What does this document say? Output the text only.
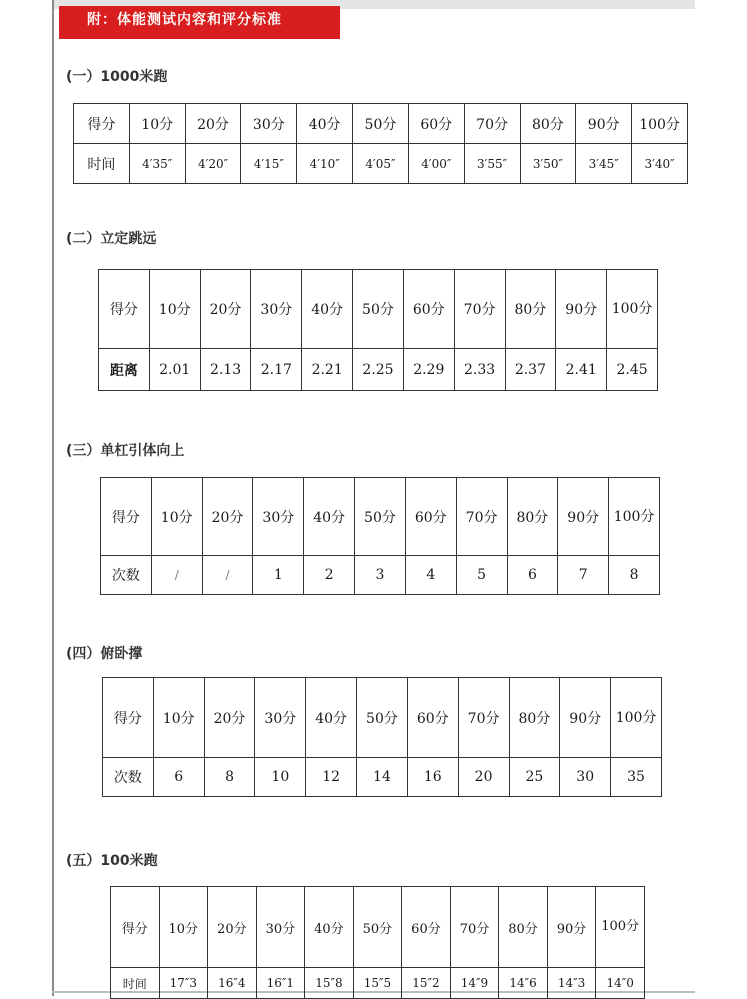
附：体能测试内容和评分标准
(一）1000米跑
得分	10分	20分	30分	40分	50分	60分	70分	80分	90分	100分
时间	4′35″	4′20″	4′15″	4′10″	4′05″	4′00″	3′55″	3′50″	3′45″	3′40″
(二）立定跳远
得分	10分	20分	30分	40分	50分	60分	70分	80分	90分	100分
距离	2.01	2.13	2.17	2.21	2.25	2.29	2.33	2.37	2.41	2.45
(三）单杠引体向上
得分	10分	20分	30分	40分	50分	60分	70分	80分	90分	100分
次数	/	/	1	2	3	4	5	6	7	8
(四）俯卧撑
得分	10分	20分	30分	40分	50分	60分	70分	80分	90分	100分
次数	6	8	10	12	14	16	20	25	30	35
(五）100米跑
得分	10分	20分	30分	40分	50分	60分	70分	80分	90分	100分
时间	17″3	16″4	16″1	15″8	15″5	15″2	14″9	14″6	14″3	14″0
